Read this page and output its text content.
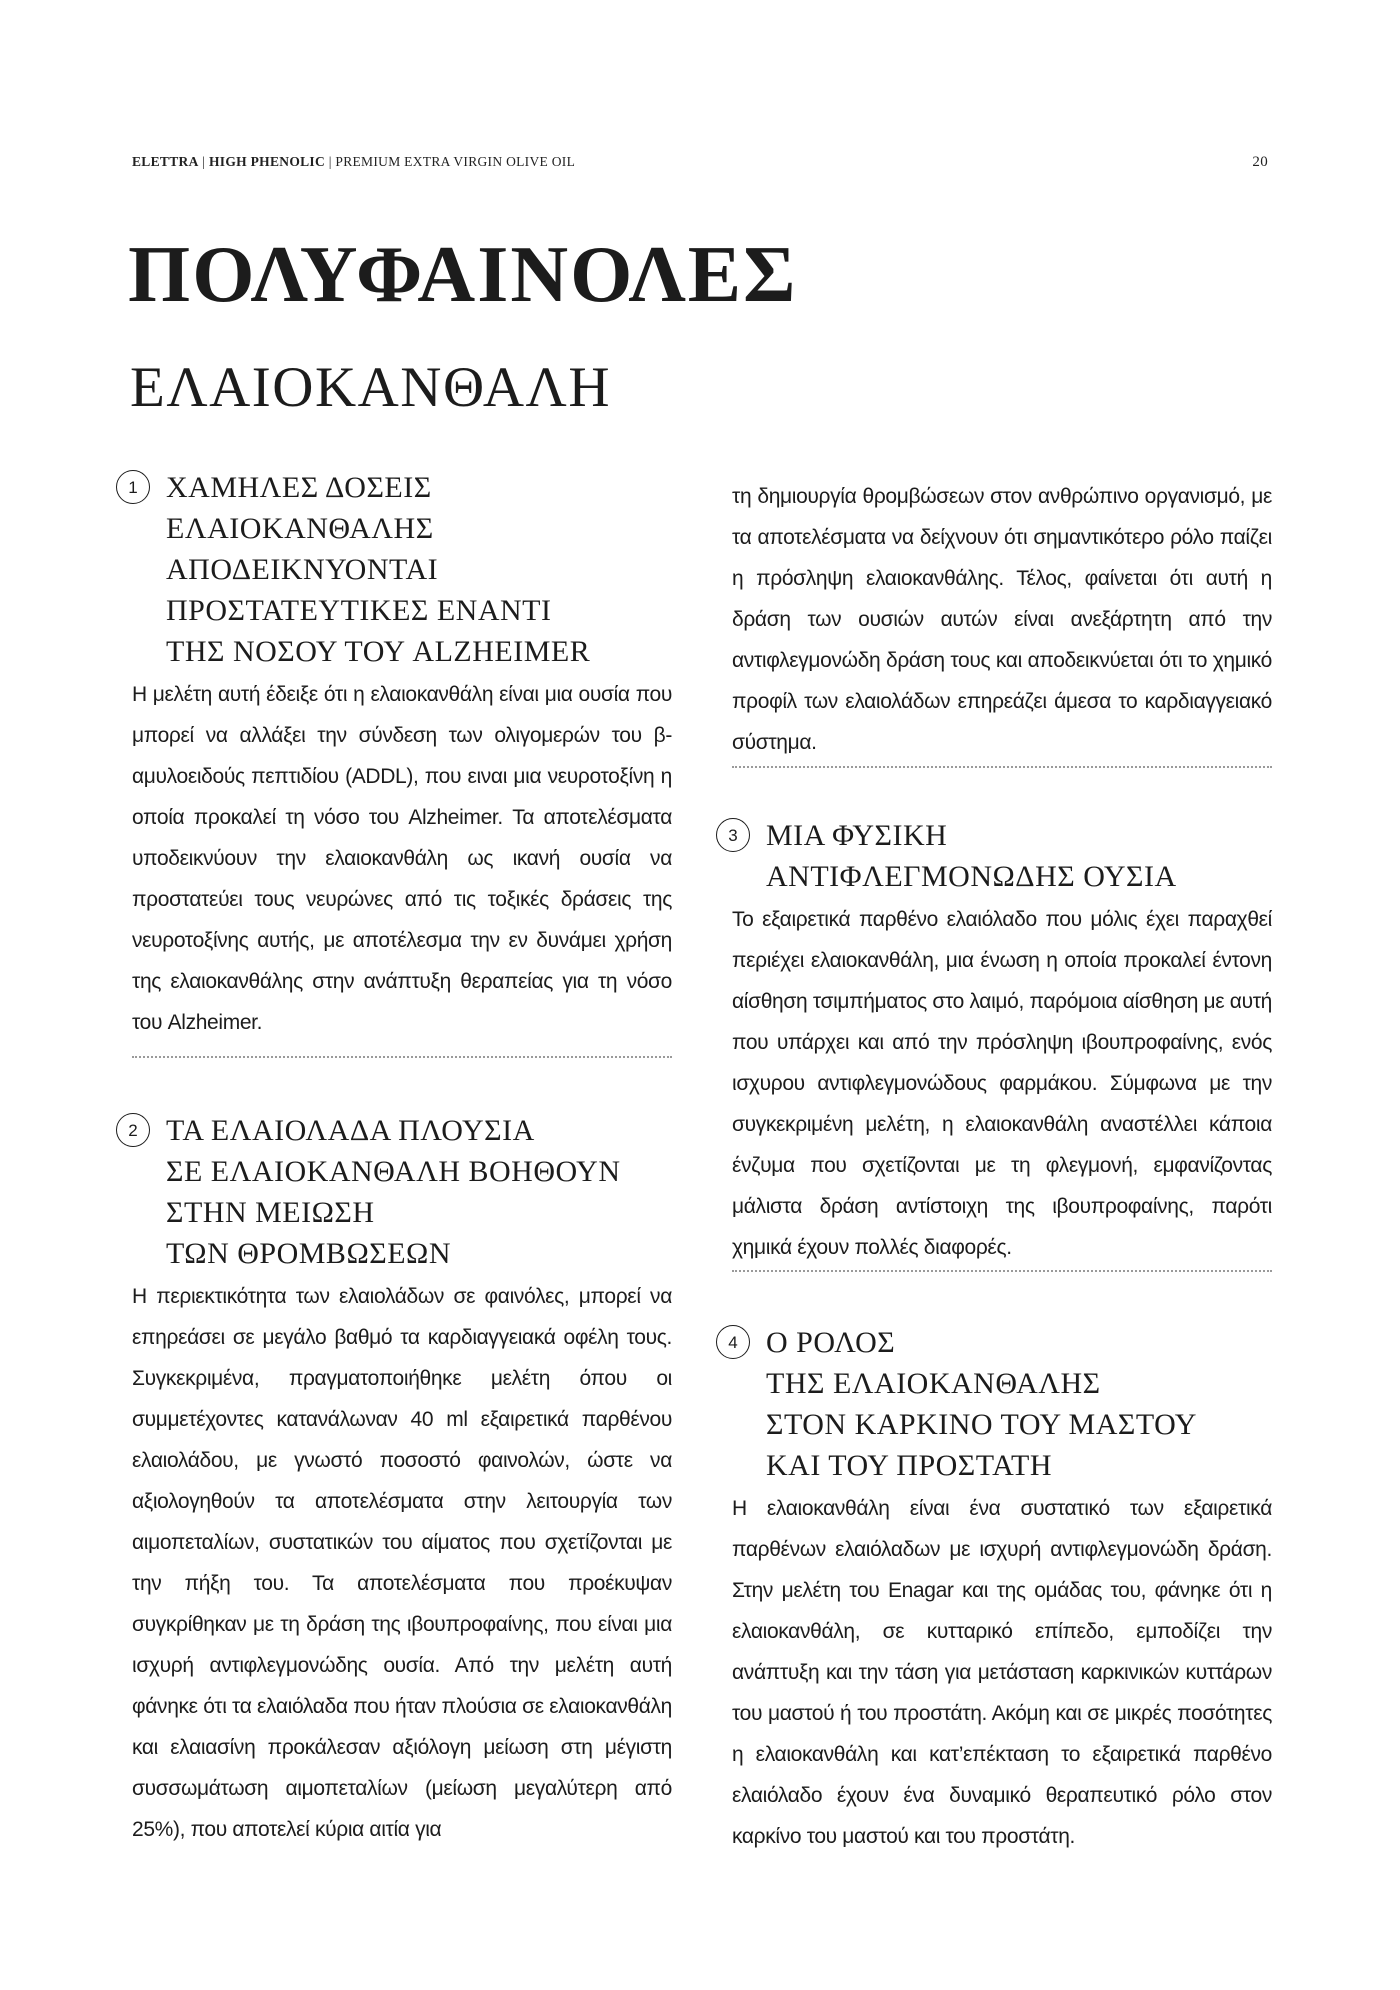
ELETTRA | HIGH PHENOLIC | PREMIUM EXTRA VIRGIN OLIVE OIL	20
ΠΟΛΥΦΑΙΝΟΛΕΣ
ΕΛΑΙΟΚΑΝΘΑΛΗ
1 ΧΑΜΗΛΕΣ ΔΟΣΕΙΣ
ΕΛΑΙΟΚΑΝΘΑΛΗΣ
ΑΠΟΔΕΙΚΝΥΟΝΤΑΙ
ΠΡΟΣΤΑΤΕΥΤΙΚΕΣ ΕΝΑΝΤΙ
ΤΗΣ ΝΟΣΟΥ ΤΟΥ ALZHEIMER
Η μελέτη αυτή έδειξε ότι η ελαιοκανθάλη είναι μια ουσία που μπορεί να αλλάξει την σύνδεση των ολιγομερών του β-αμυλοειδούς πεπτιδίου (ADDL), που ειναι μια νευροτοξίνη η οποία προκαλεί τη νόσο του Alzheimer. Τα αποτελέσματα υποδεικνύουν την ελαιοκανθάλη ως ικανή ουσία να προστατεύει τους νευρώνες από τις τοξικές δράσεις της νευροτοξίνης αυτής, με αποτέλεσμα την εν δυνάμει χρήση της ελαιοκανθάλης στην ανάπτυξη θεραπείας για τη νόσο του Alzheimer.
2 ΤΑ ΕΛΑΙΟΛΑΔΑ ΠΛΟΥΣΙΑ
ΣΕ ΕΛΑΙΟΚΑΝΘΑΛΗ ΒΟΗΘΟΥΝ
ΣΤΗΝ ΜΕΙΩΣΗ
ΤΩΝ ΘΡΟΜΒΩΣΕΩΝ
Η περιεκτικότητα των ελαιολάδων σε φαινόλες, μπορεί να επηρεάσει σε μεγάλο βαθμό τα καρδιαγγειακά οφέλη τους. Συγκεκριμένα, πραγματοποιήθηκε μελέτη όπου οι συμμετέχοντες κατανάλωναν 40 ml εξαιρετικά παρθένου ελαιολάδου, με γνωστό ποσοστό φαινολών, ώστε να αξιολογηθούν τα αποτελέσματα στην λειτουργία των αιμοπεταλίων, συστατικών του αίματος που σχετίζονται με την πήξη του. Τα αποτελέσματα που προέκυψαν συγκρίθηκαν με τη δράση της ιβουπροφαίνης, που είναι μια ισχυρή αντιφλεγμονώδης ουσία. Από την μελέτη αυτή φάνηκε ότι τα ελαιόλαδα που ήταν πλούσια σε ελαιοκανθάλη και ελαιασίνη προκάλεσαν αξιόλογη μείωση στη μέγιστη συσσωμάτωση αιμοπεταλίων (μείωση μεγαλύτερη από 25%), που αποτελεί κύρια αιτία για
τη δημιουργία θρομβώσεων στον ανθρώπινο οργανισμό, με τα αποτελέσματα να δείχνουν ότι σημαντικότερο ρόλο παίζει η πρόσληψη ελαιοκανθάλης. Τέλος, φαίνεται ότι αυτή η δράση των ουσιών αυτών είναι ανεξάρτητη από την αντιφλεγμονώδη δράση τους και αποδεικνύεται ότι το χημικό προφίλ των ελαιολάδων επηρεάζει άμεσα το καρδιαγγειακό σύστημα.
3 ΜΙΑ ΦΥΣΙΚΗ
ΑΝΤΙΦΛΕΓΜΟΝΩΔΗΣ ΟΥΣΙΑ
Το εξαιρετικά παρθένο ελαιόλαδο που μόλις έχει παραχθεί περιέχει ελαιοκανθάλη, μια ένωση η οποία προκαλεί έντονη αίσθηση τσιμπήματος στο λαιμό, παρόμοια αίσθηση με αυτή που υπάρχει και από την πρόσληψη ιβουπροφαίνης, ενός ισχυρου αντιφλεγμονώδους φαρμάκου. Σύμφωνα με την συγκεκριμένη μελέτη, η ελαιοκανθάλη αναστέλλει κάποια ένζυμα που σχετίζονται με τη φλεγμονή, εμφανίζοντας μάλιστα δράση αντίστοιχη της ιβουπροφαίνης, παρότι χημικά έχουν πολλές διαφορές.
4 Ο ΡΟΛΟΣ
ΤΗΣ ΕΛΑΙΟΚΑΝΘΑΛΗΣ
ΣΤΟΝ ΚΑΡΚΙΝΟ ΤΟΥ ΜΑΣΤΟΥ
ΚΑΙ ΤΟΥ ΠΡΟΣΤΑΤΗ
Η ελαιοκανθάλη είναι ένα συστατικό των εξαιρετικά παρθένων ελαιόλαδων με ισχυρή αντιφλεγμονώδη δράση. Στην μελέτη του Enagar και της ομάδας του, φάνηκε ότι η ελαιοκανθάλη, σε κυτταρικό επίπεδο, εμποδίζει την ανάπτυξη και την τάση για μετάσταση καρκινικών κυττάρων του μαστού ή του προστάτη. Ακόμη και σε μικρές ποσότητες η ελαιοκανθάλη και κατ’επέκταση το εξαιρετικά παρθένο ελαιόλαδο έχουν ένα δυναμικό θεραπευτικό ρόλο στον καρκίνο του μαστού και του προστάτη.
